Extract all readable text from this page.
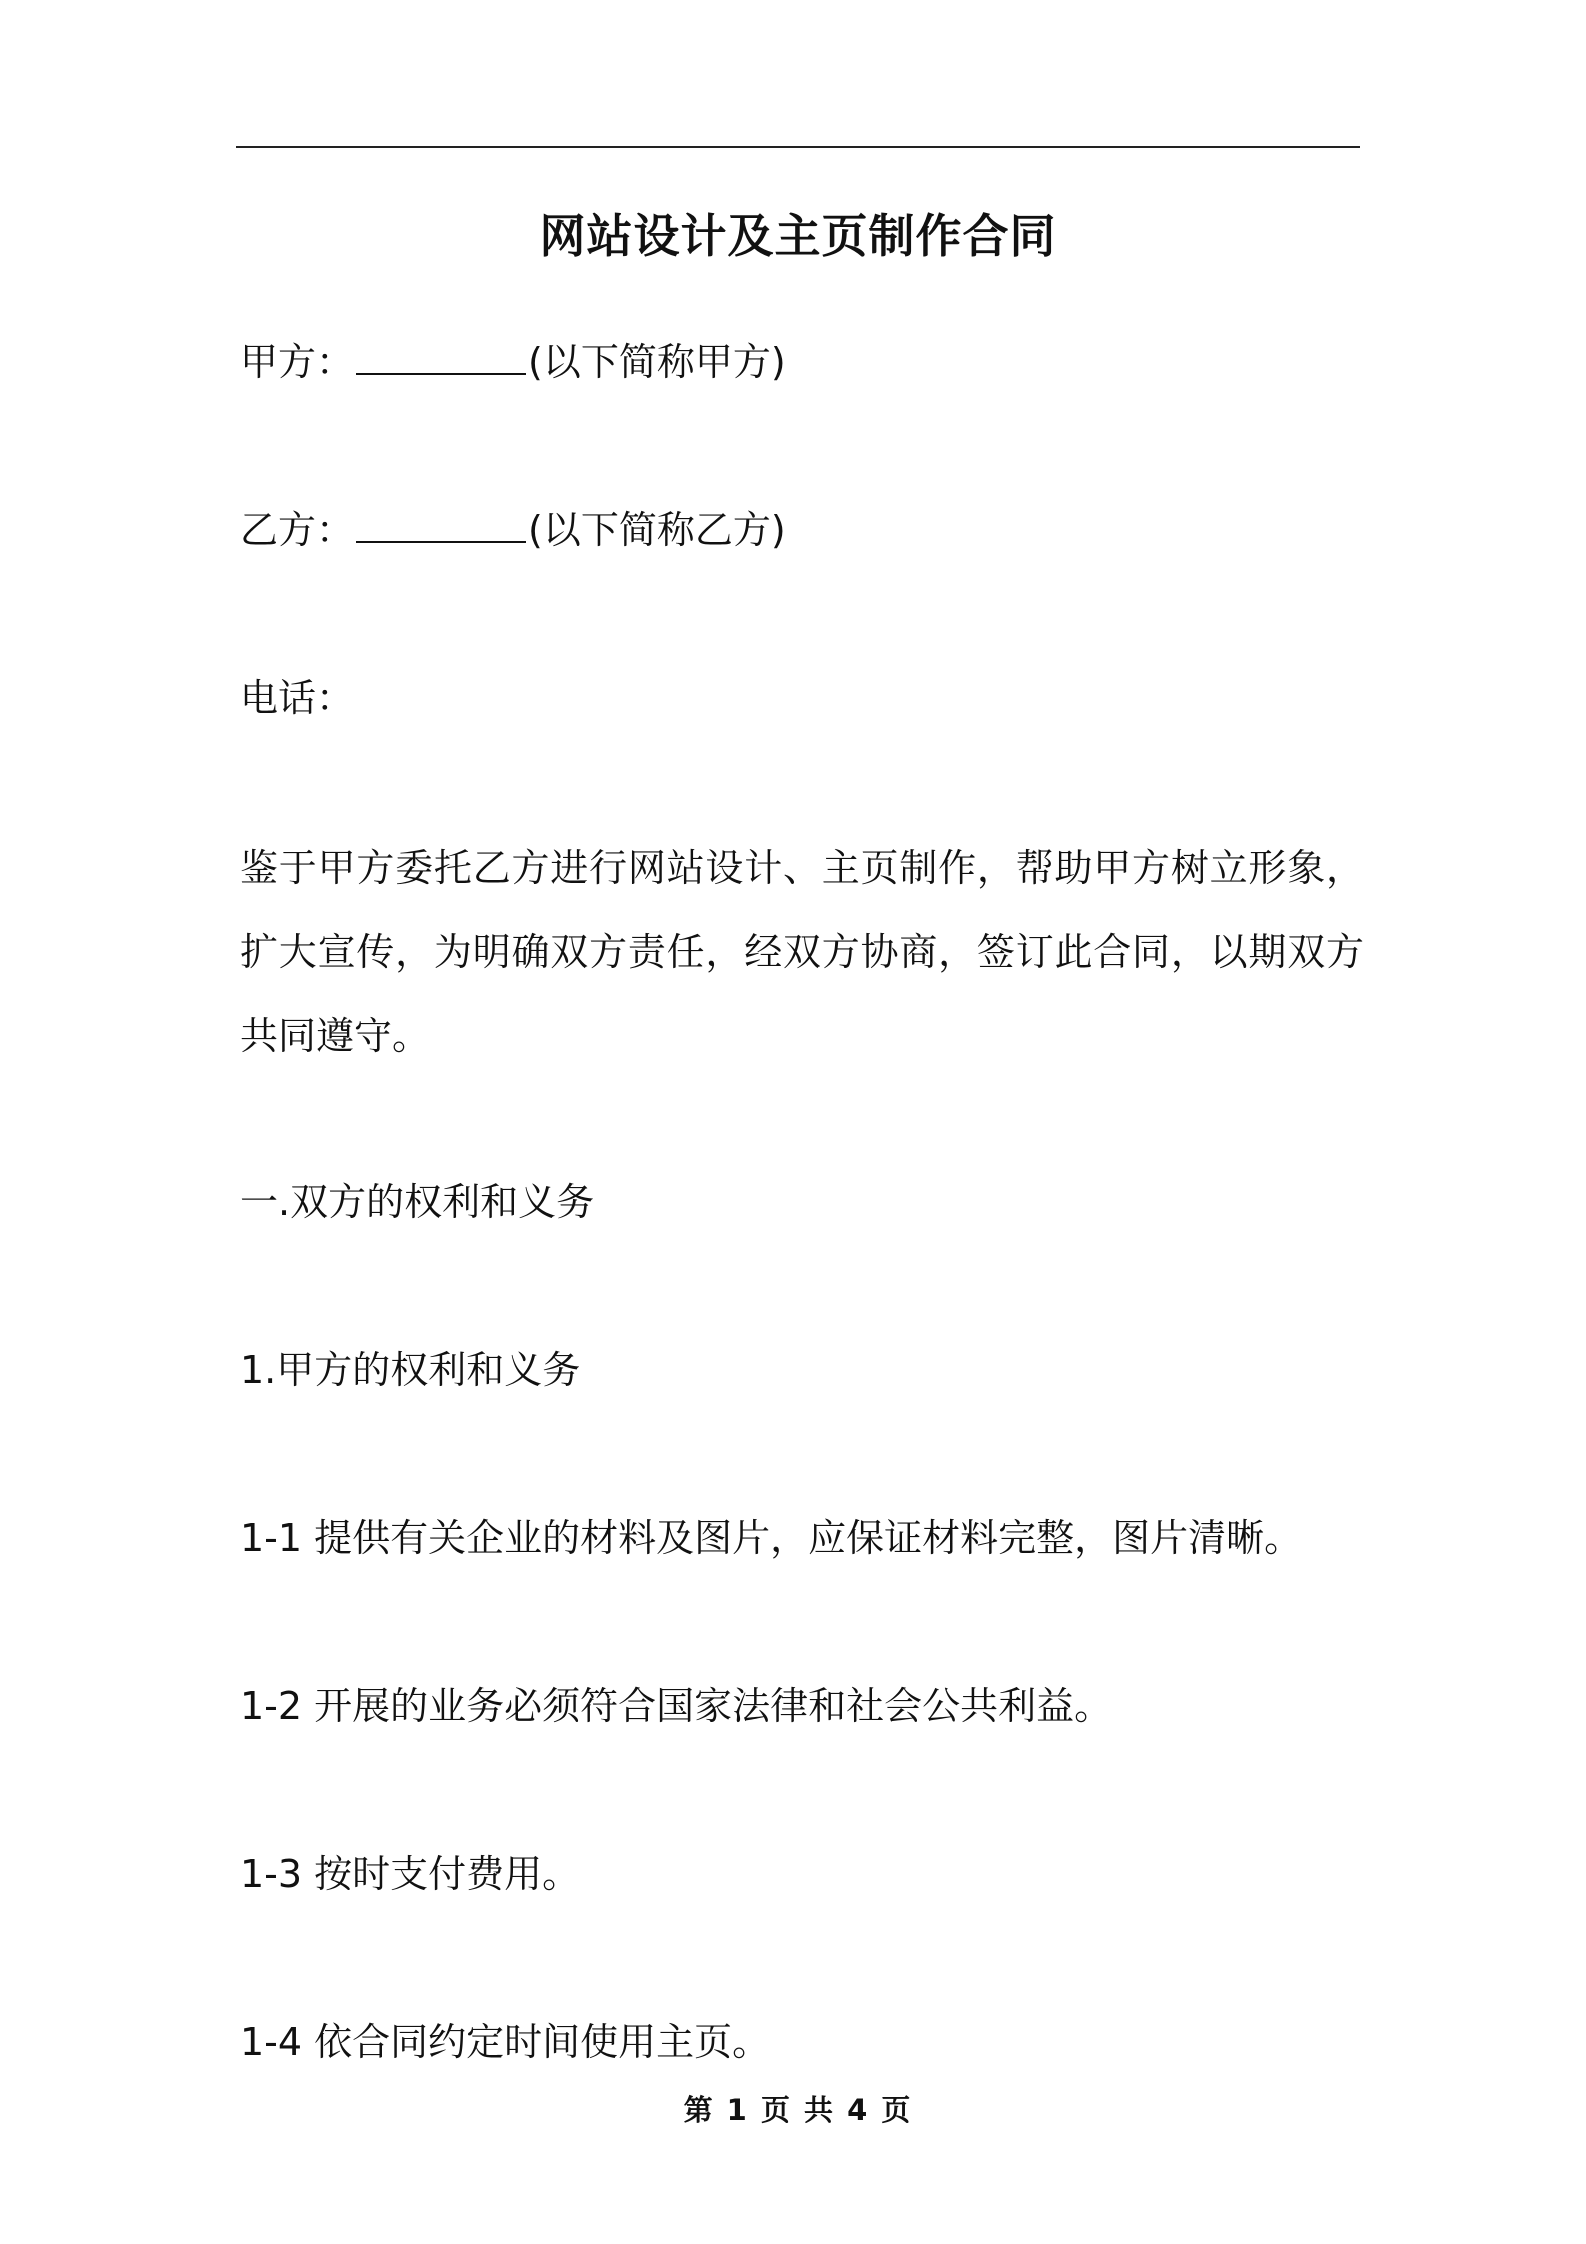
网站设计及主页制作合同
甲方：	(以下简称甲方)
乙方：	(以下简称乙方)
电话：
鉴于甲方委托乙方进行网站设计、主页制作，帮助甲方树立形象，扩大宣传，为明确双方责任，经双方协商，签订此合同，以期双方共同遵守。
一.双方的权利和义务
1.甲方的权利和义务
1-1 提供有关企业的材料及图片，应保证材料完整，图片清晰。
1-2 开展的业务必须符合国家法律和社会公共利益。
1-3 按时支付费用。
1-4 依合同约定时间使用主页。
第 1 页 共 4 页
